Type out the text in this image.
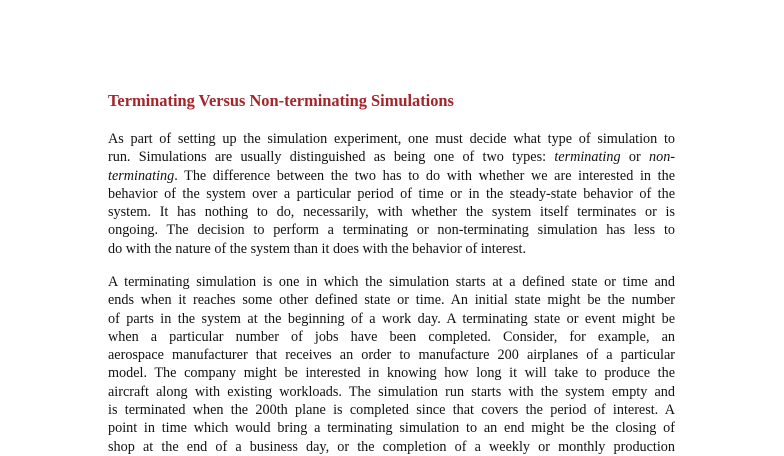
Terminating Versus Non-terminating Simulations
As part of setting up the simulation experiment, one must decide what type of simulation to
run. Simulations are usually distinguished as being one of two types: terminating or non-
terminating. The difference between the two has to do with whether we are interested in the
behavior of the system over a particular period of time or in the steady-state behavior of the
system. It has nothing to do, necessarily, with whether the system itself terminates or is
ongoing. The decision to perform a terminating or non-terminating simulation has less to
do with the nature of the system than it does with the behavior of interest.
A terminating simulation is one in which the simulation starts at a defined state or time and
ends when it reaches some other defined state or time. An initial state might be the number
of parts in the system at the beginning of a work day. A terminating state or event might be
when a particular number of jobs have been completed. Consider, for example, an
aerospace manufacturer that receives an order to manufacture 200 airplanes of a particular
model. The company might be interested in knowing how long it will take to produce the
aircraft along with existing workloads. The simulation run starts with the system empty and
is terminated when the 200th plane is completed since that covers the period of interest. A
point in time which would bring a terminating simulation to an end might be the closing of
shop at the end of a business day, or the completion of a weekly or monthly production
